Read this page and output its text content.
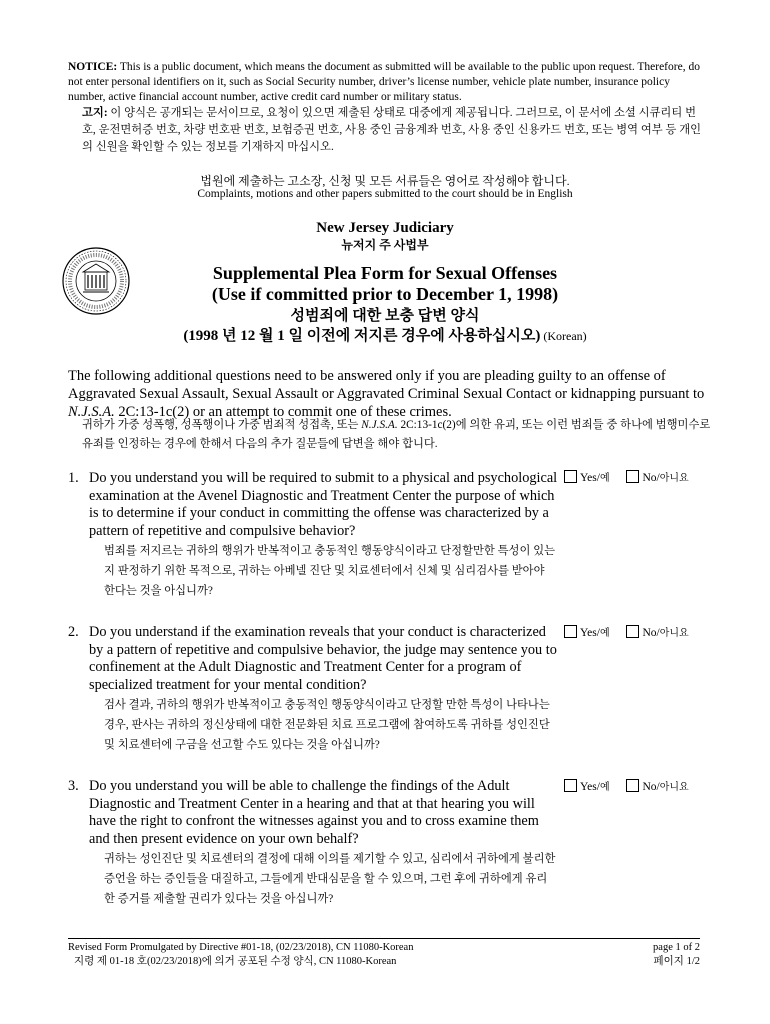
NOTICE: This is a public document, which means the document as submitted will be available to the public upon request. Therefore, do not enter personal identifiers on it, such as Social Security number, driver’s license number, vehicle plate number, insurance policy number, active financial account number, active credit card number or military status.
고지: 이 양식은 공개되는 문서이므로, 요청이 있으면 제출된 상태로 대중에게 제공됩니다. 그러므로, 이 문서에 소셜 시큐리티 번호, 운전면허증 번호, 차량 번호판 번호, 보험증권 번호, 사용 중인 금융계좌 번호, 사용 중인 신용카드 번호, 또는 병역 여부 등 개인의 신원을 확인할 수 있는 정보를 기재하지 마십시오.
법원에 제출하는 고소장, 신청 및 모든 서류들은 영어로 작성해야 합니다.
Complaints, motions and other papers submitted to the court should be in English
New Jersey Judiciary
뉴저지 주 사법부
Supplemental Plea Form for Sexual Offenses
(Use if committed prior to December 1, 1998)
성범죄에 대한 보충 답변 양식
(1998 년 12 월 1 일 이전에 저지른 경우에 사용하십시오) (Korean)
The following additional questions need to be answered only if you are pleading guilty to an offense of Aggravated Sexual Assault, Sexual Assault or Aggravated Criminal Sexual Contact or kidnapping pursuant to N.J.S.A. 2C:13-1c(2) or an attempt to commit one of these crimes.
귀하가 가중 성폭행, 성폭행이나 가중 범죄적 성접촉, 또는 N.J.S.A. 2C:13-1c(2)에 의한 유괴, 또는 이런 범죄들 중 하나에 범행미수로 유죄를 인정하는 경우에 한해서 다음의 추가 질문들에 답변을 해야 합니다.
1. Do you understand you will be required to submit to a physical and psychological examination at the Avenel Diagnostic and Treatment Center the purpose of which is to determine if your conduct in committing the offense was characterized by a pattern of repetitive and compulsive behavior?
범죄를 저지르는 귀하의 행위가 반복적이고 충동적인 행동양식이라고 단정할만한 특성이 있는지 판정하기 위한 목적으로, 귀하는 아베넬 진단 및 치료센터에서 신체 및 심리검사를 받아야 한다는 것을 아십니까?
Yes/예	No/아니요
2. Do you understand if the examination reveals that your conduct is characterized by a pattern of repetitive and compulsive behavior, the judge may sentence you to confinement at the Adult Diagnostic and Treatment Center for a program of specialized treatment for your mental condition?
검사 결과, 귀하의 행위가 반복적이고 충동적인 행동양식이라고 단정할 만한 특성이 나타나는 경우, 판사는 귀하의 정신상태에 대한 전문화된 치료 프로그램에 참여하도록 귀하를 성인진단 및 치료센터에 구금을 선고할 수도 있다는 것을 아십니까?
Yes/예	No/아니요
3. Do you understand you will be able to challenge the findings of the Adult Diagnostic and Treatment Center in a hearing and that at that hearing you will have the right to confront the witnesses against you and to cross examine them and then present evidence on your own behalf?
귀하는 성인진단 및 치료센터의 결정에 대해 이의를 제기할 수 있고, 심리에서 귀하에게 불리한 증언을 하는 증인들을 대질하고, 그들에게 반대심문을 할 수 있으며, 그런 후에 귀하에게 유리한 증거를 제출할 권리가 있다는 것을 아십니까?
Yes/예	No/아니요
Revised Form Promulgated by Directive #01-18, (02/23/2018), CN 11080-Korean
지령 제 01-18 호(02/23/2018)에 의거 공포된 수정 양식, CN 11080-Korean
page 1 of 2
페이지 1/2
